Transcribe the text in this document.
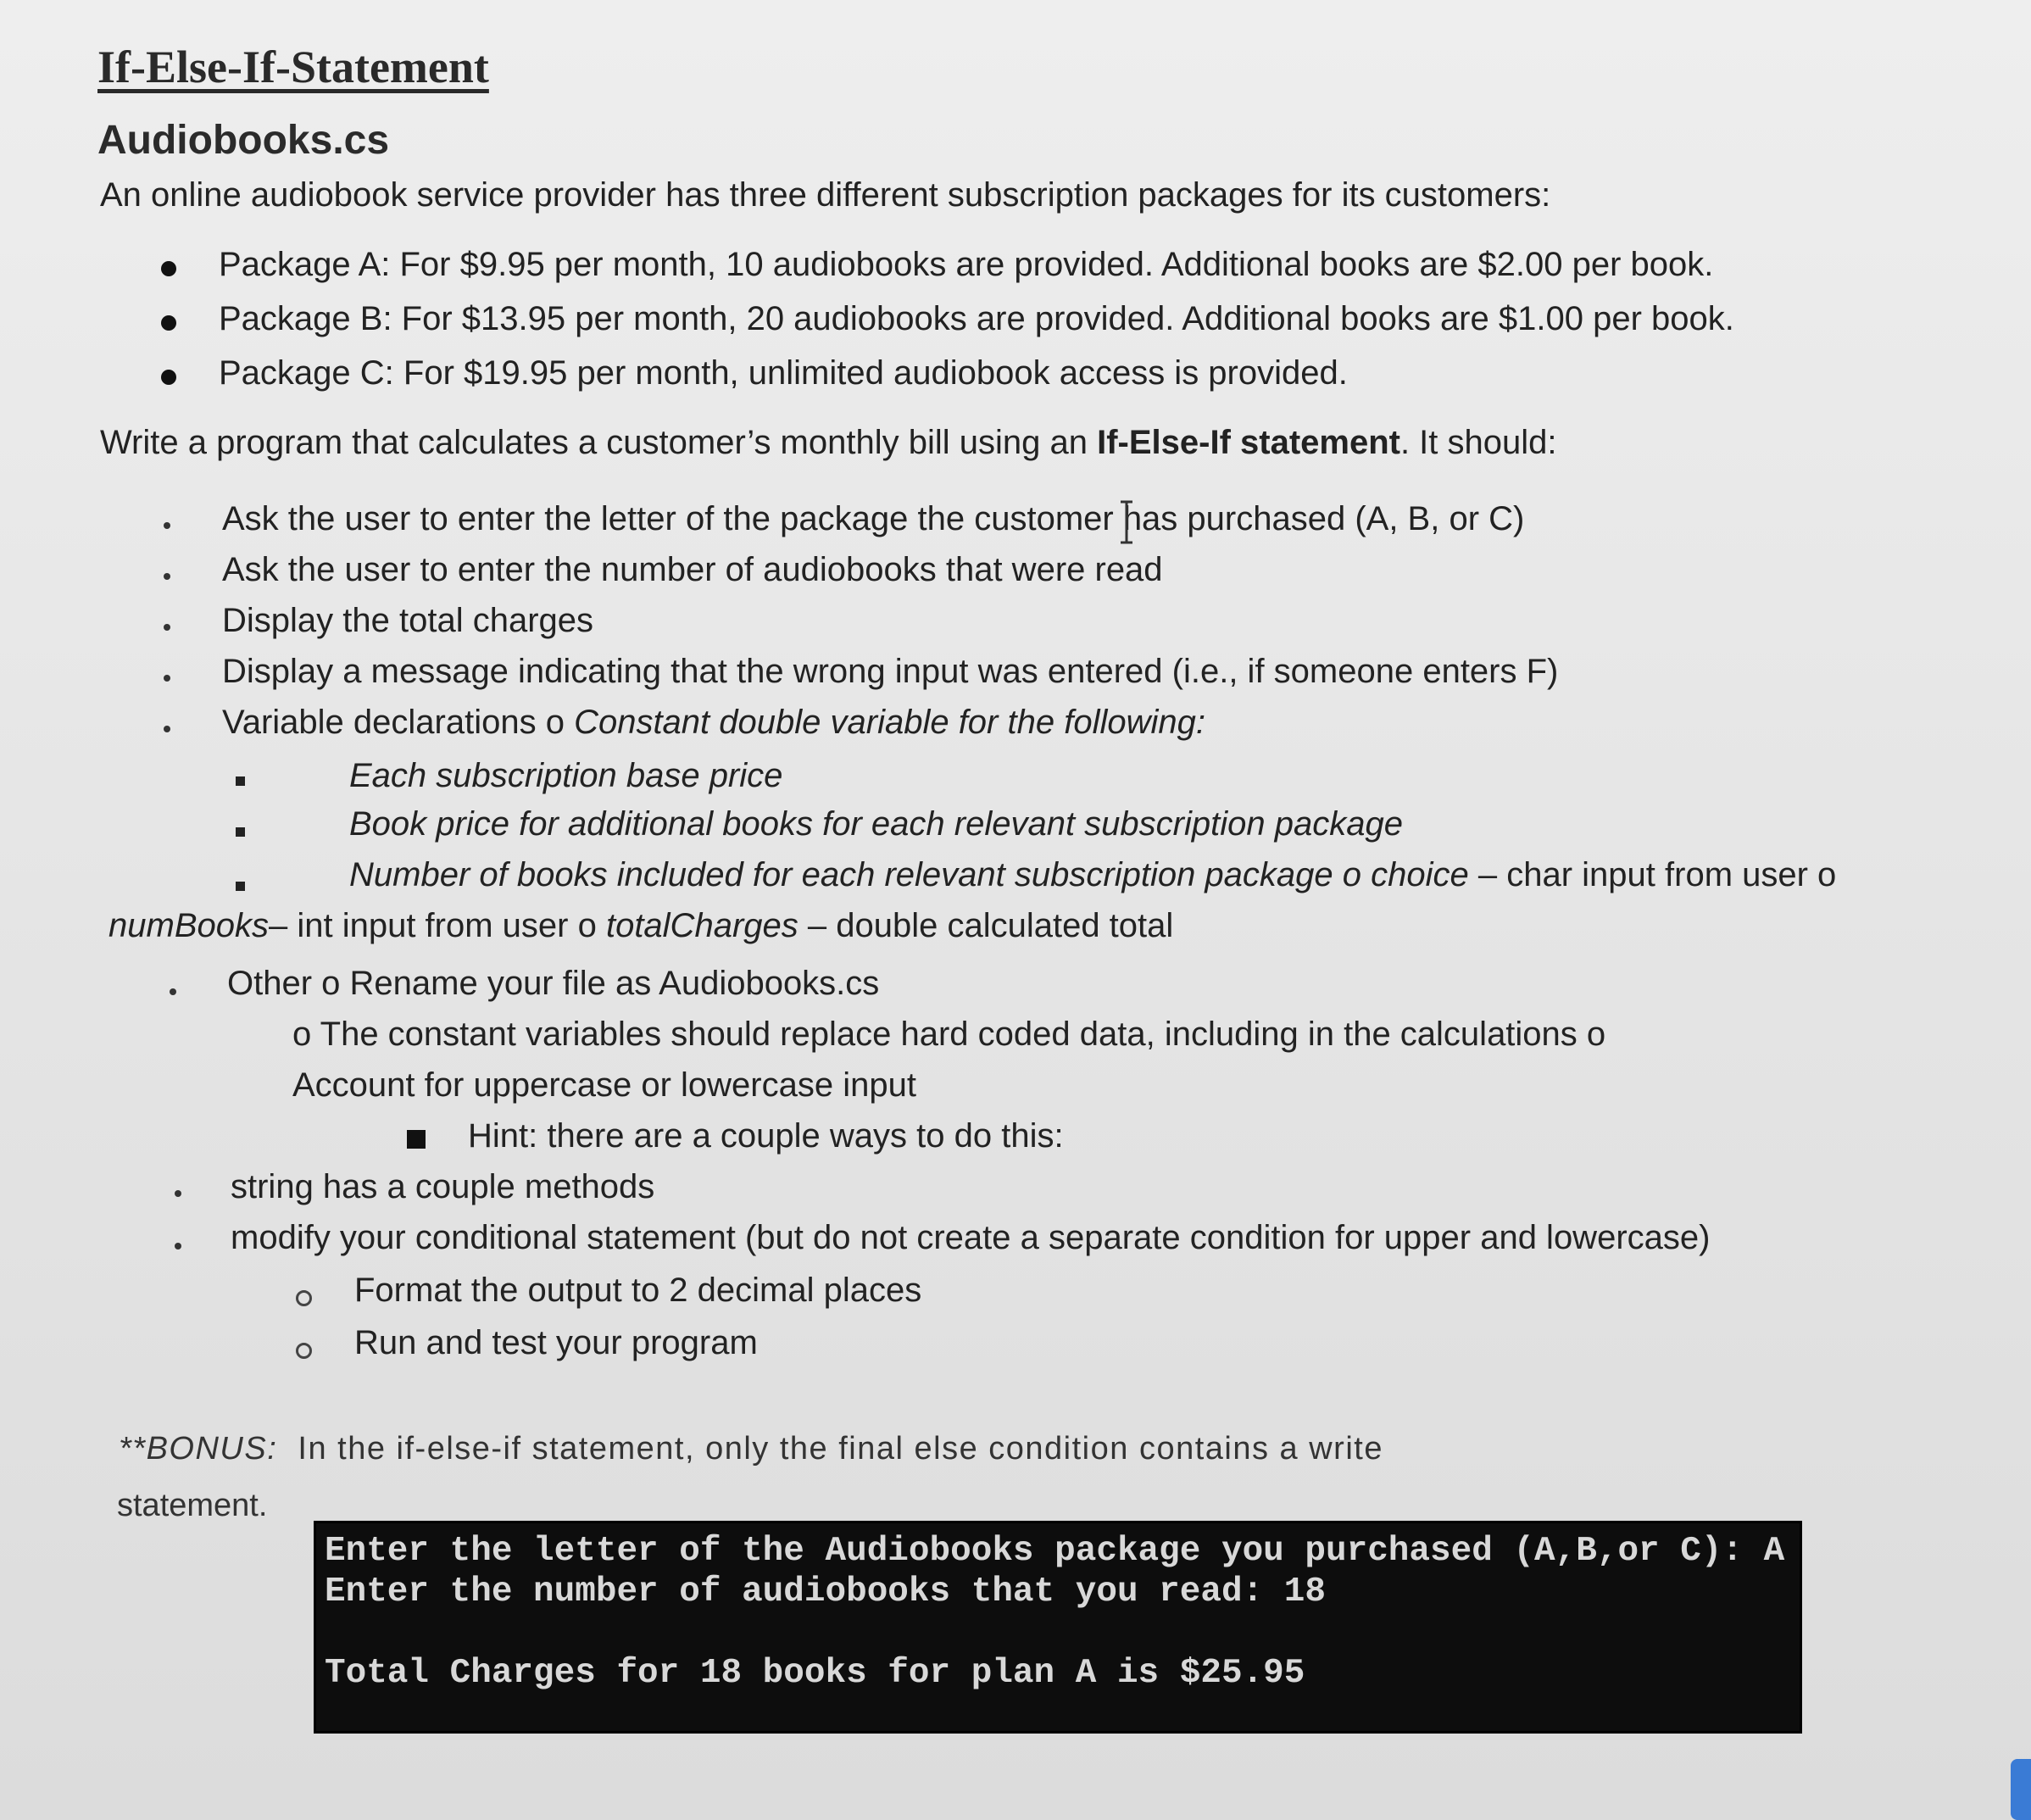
If-Else-If-Statement
Audiobooks.cs
An online audiobook service provider has three different subscription packages for its customers:
Package A: For $9.95 per month, 10 audiobooks are provided. Additional books are $2.00 per book.
Package B: For $13.95 per month, 20 audiobooks are provided. Additional books are $1.00 per book.
Package C: For $19.95 per month, unlimited audiobook access is provided.
Write a program that calculates a customer’s monthly bill using an If-Else-If statement. It should:
Ask the user to enter the letter of the package the customer has purchased (A, B, or C)
Ask the user to enter the number of audiobooks that were read
Display the total charges
Display a message indicating that the wrong input was entered (i.e., if someone enters F)
Variable declarations o Constant double variable for the following:
Each subscription base price
Book price for additional books for each relevant subscription package
Number of books included for each relevant subscription package o choice – char input from user o
numBooks– int input from user o totalCharges – double calculated total
Other o Rename your file as Audiobooks.cs
o The constant variables should replace hard coded data, including in the calculations o
Account for uppercase or lowercase input
Hint: there are a couple ways to do this:
string has a couple methods
modify your conditional statement (but do not create a separate condition for upper and lowercase)
Format the output to 2 decimal places
Run and test your program
**BONUS: In the if-else-if statement, only the final else condition contains a write
statement.
Enter the letter of the Audiobooks package you purchased (A,B,or C): A
Enter the number of audiobooks that you read: 18
Total Charges for 18 books for plan A is $25.95
